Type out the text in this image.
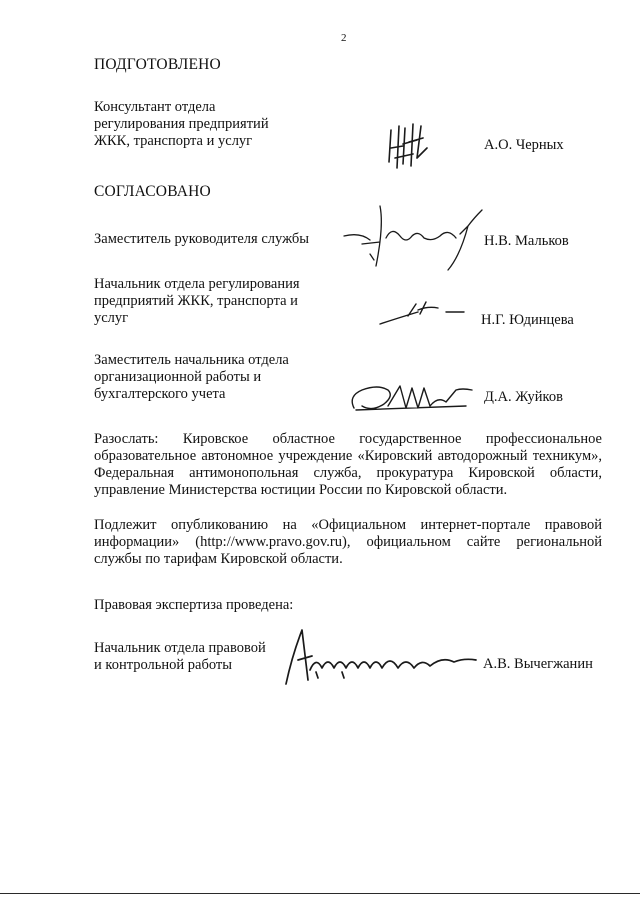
2
ПОДГОТОВЛЕНО
Консультант отдела
регулирования предприятий
ЖКК, транспорта и услуг	А.О. Черных
СОГЛАСОВАНО
Заместитель руководителя службы	Н.В. Мальков
Начальник отдела регулирования
предприятий ЖКК, транспорта и
услуг	Н.Г. Юдинцева
Заместитель начальника отдела
организационной работы и
бухгалтерского учета	Д.А. Жуйков
Разослать: Кировское областное государственное профессиональное образовательное автономное учреждение «Кировский автодорожный техникум», Федеральная антимонопольная служба, прокуратура Кировской области, управление Министерства юстиции России по Кировской области.
Подлежит опубликованию на «Официальном интернет-портале правовой информации» (http://www.pravo.gov.ru), официальном сайте региональной службы по тарифам Кировской области.
Правовая экспертиза проведена:
Начальник отдела правовой
и контрольной работы	А.В. Вычегжанин
